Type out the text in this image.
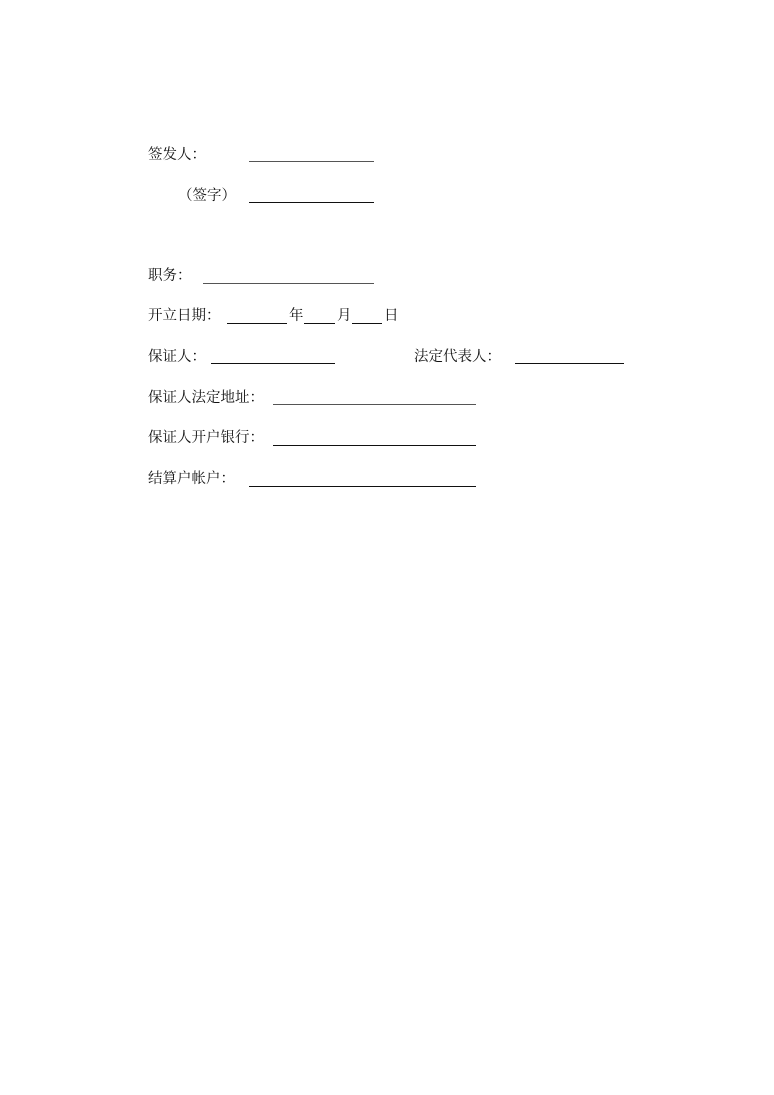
签发人：
（签字）
职务：
开立日期：	年 月 日
保证人：	法定代表人：
保证人法定地址：
保证人开户银行：
结算户帐户：
